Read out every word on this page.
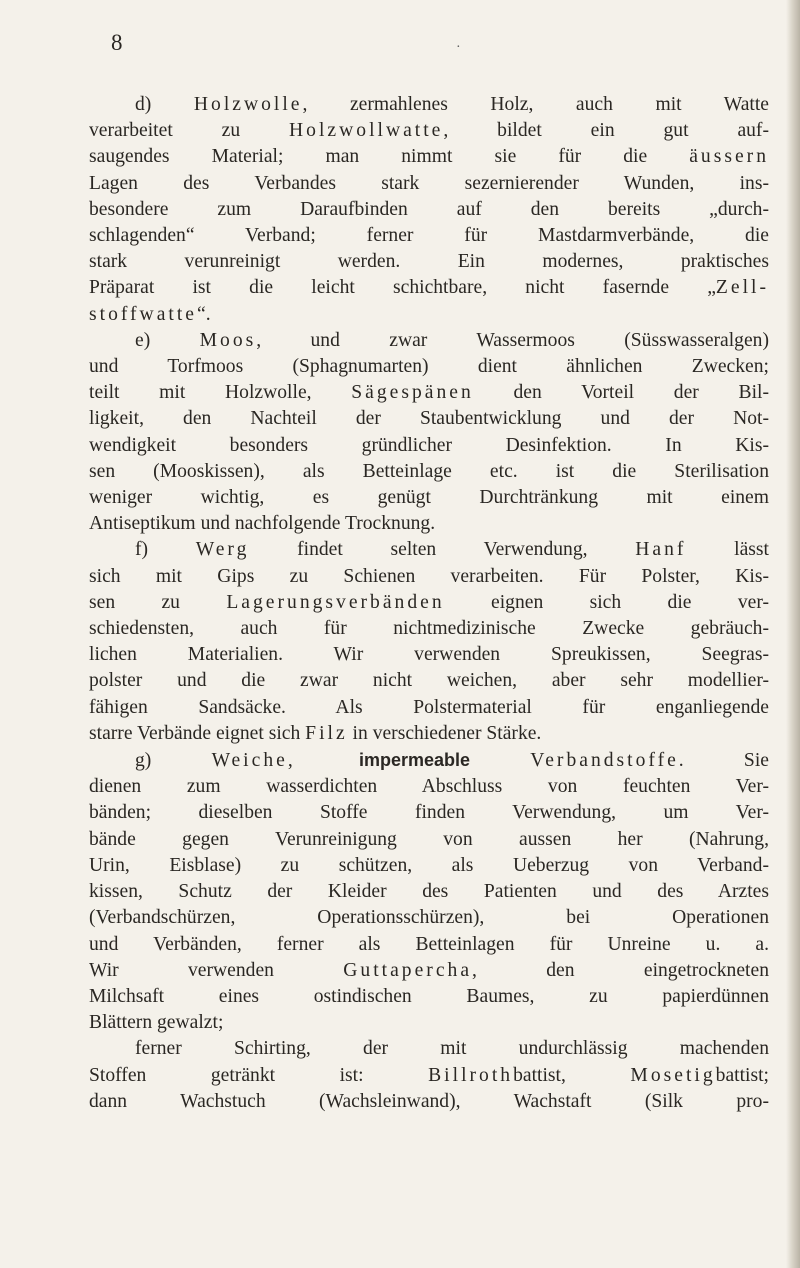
8	·
d) Holzwolle, zermahlenes Holz, auch mit Watte
verarbeitet zu Holzwollwatte, bildet ein gut auf-
saugendes Material; man nimmt sie für die äussern
Lagen des Verbandes stark sezernierender Wunden, ins-
besondere zum Daraufbinden auf den bereits „durch-
schlagenden“ Verband; ferner für Mastdarmverbände, die
stark verunreinigt werden. Ein modernes, praktisches
Präparat ist die leicht schichtbare, nicht fasernde „Zell-
stoffwatte“.
e) Moos, und zwar Wassermoos (Süsswasseralgen)
und Torfmoos (Sphagnumarten) dient ähnlichen Zwecken;
teilt mit Holzwolle, Sägespänen den Vorteil der Bil-
ligkeit, den Nachteil der Staubentwicklung und der Not-
wendigkeit besonders gründlicher Desinfektion. In Kis-
sen (Mooskissen), als Betteinlage etc. ist die Sterilisation
weniger wichtig, es genügt Durchtränkung mit einem
Antiseptikum und nachfolgende Trocknung.
f) Werg findet selten Verwendung, Hanf lässt
sich mit Gips zu Schienen verarbeiten. Für Polster, Kis-
sen zu Lagerungsverbänden eignen sich die ver-
schiedensten, auch für nichtmedizinische Zwecke gebräuch-
lichen Materialien. Wir verwenden Spreukissen, Seegras-
polster und die zwar nicht weichen, aber sehr modellier-
fähigen Sandsäcke. Als Polstermaterial für enganliegende
starre Verbände eignet sich Filz in verschiedener Stärke.
g) Weiche, impermeable	Verbandstoffe. Sie
dienen zum wasserdichten Abschluss von feuchten Ver-
bänden; dieselben Stoffe finden Verwendung, um Ver-
bände gegen Verunreinigung von aussen her (Nahrung,
Urin, Eisblase) zu schützen, als Ueberzug von Verband-
kissen, Schutz der Kleider des Patienten und des Arztes
(Verbandschürzen, Operationsschürzen), bei Operationen
und Verbänden, ferner als Betteinlagen für Unreine u. a.
Wir verwenden Guttapercha, den eingetrockneten
Milchsaft eines ostindischen Baumes, zu papierdünnen
Blättern gewalzt;
ferner Schirting, der mit undurchlässig machenden
Stoffen getränkt ist: Billrothbattist, Mosetigbattist;
dann Wachstuch (Wachsleinwand), Wachstaft (Silk pro-
